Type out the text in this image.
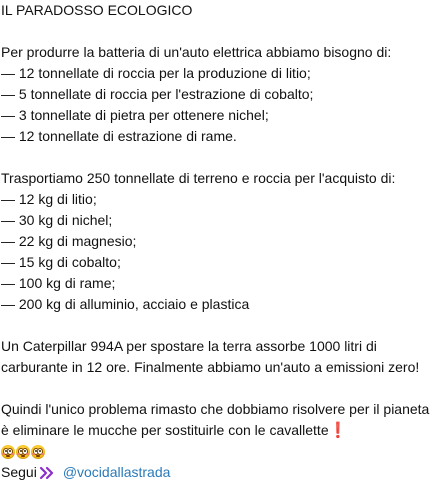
IL PARADOSSO ECOLOGICO
Per produrre la batteria di un'auto elettrica abbiamo bisogno di:
— 12 tonnellate di roccia per la produzione di litio;
— 5 tonnellate di roccia per l'estrazione di cobalto;
— 3 tonnellate di pietra per ottenere nichel;
— 12 tonnellate di estrazione di rame.
Trasportiamo 250 tonnellate di terreno e roccia per l'acquisto di:
— 12 kg di litio;
— 30 kg di nichel;
— 22 kg di magnesio;
— 15 kg di cobalto;
— 100 kg di rame;
— 200 kg di alluminio, acciaio e plastica
Un Caterpillar 994A per spostare la terra assorbe 1000 litri di
carburante in 12 ore. Finalmente abbiamo un'auto a emissioni zero!
Quindi l'unico problema rimasto che dobbiamo risolvere per il pianeta
è eliminare le mucche per sostituirle con le cavallette❗
Segui @vocidallastrada
